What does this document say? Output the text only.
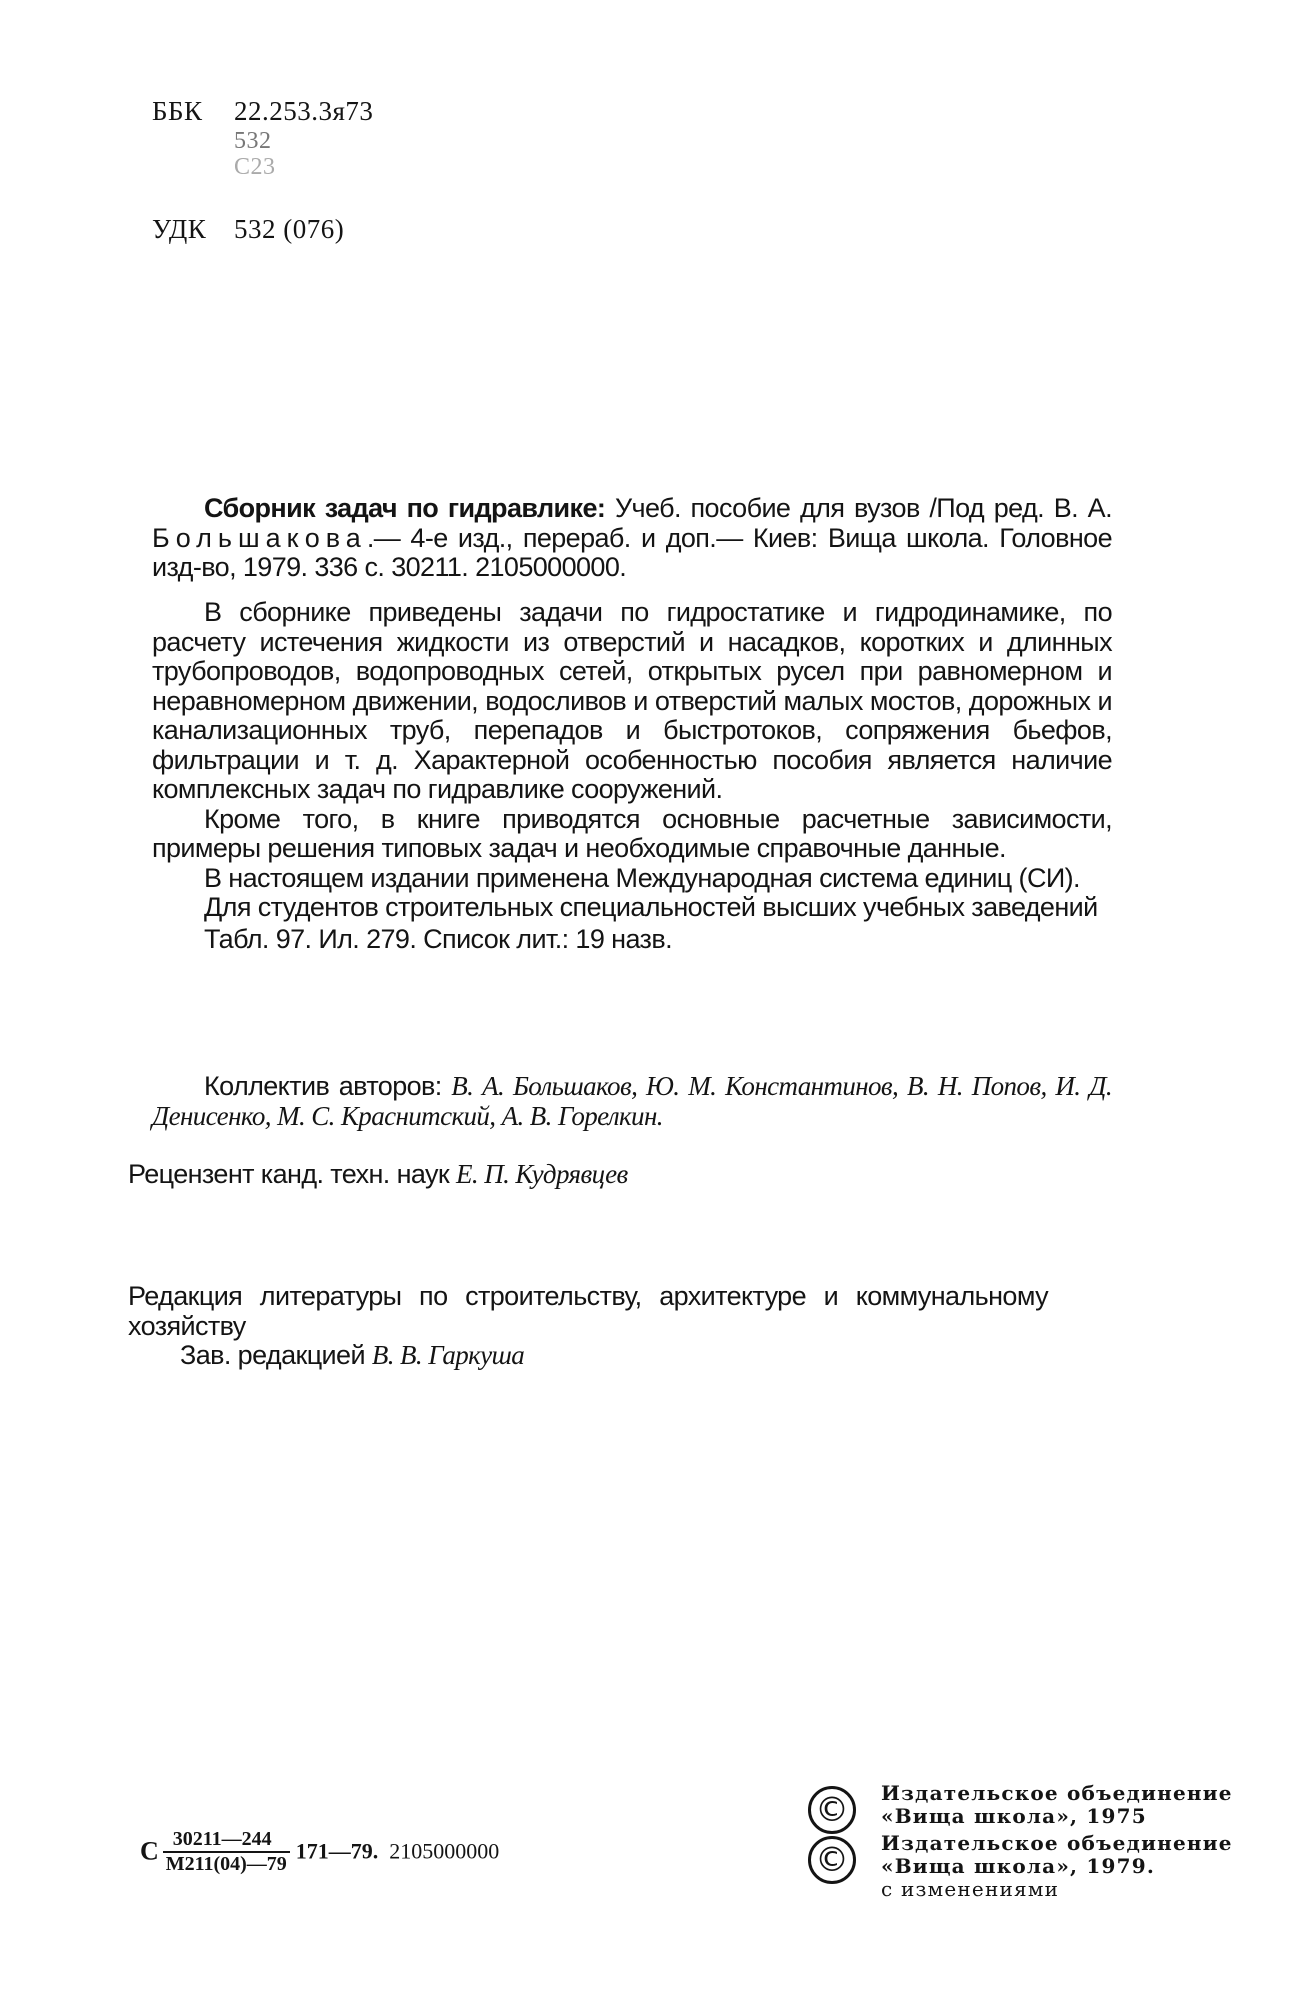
ББК 22.253.3я73
532
С23
УДК 532 (076)

Сборник задач по гидравлике: Учеб. пособие для вузов /Под ред. В. А. Большакова.— 4-е изд., перераб. и доп.— Киев: Вища школа. Головное изд-во, 1979. 336 с. 30211. 2105000000.

В сборнике приведены задачи по гидростатике и гидродинамике, по расчету истечения жидкости из отверстий и насадков, коротких и длинных трубопроводов, водопроводных сетей, открытых русел при равномерном и неравномерном движении, водосливов и отверстий малых мостов, дорожных и канализационных труб, перепадов и быстротоков, сопряжения бьефов, фильтрации и т. д. Характерной особенностью пособия является наличие комплексных задач по гидравлике сооружений.

Кроме того, в книге приводятся основные расчетные зависимости, примеры решения типовых задач и необходимые справочные данные.

В настоящем издании применена Международная система единиц (СИ).

Для студентов строительных специальностей высших учебных заведений

Табл. 97. Ил. 279. Список лит.: 19 назв.

Коллектив авторов: В. А. Большаков, Ю. М. Константинов, В. Н. Попов, И. Д. Денисенко, М. С. Краснитский, А. В. Горелкин.

Рецензент канд. техн. наук Е. П. Кудрявцев

Редакция литературы по строительству, архитектуре и коммунальному хозяйству

Зав. редакцией В. В. Гаркуша

С $\frac{30211—244}{М211(04)—79}$ 171—79. 2105000000
©	Издательское объединение
«Вища школа», 1975
©	Издательское объединение
«Вища школа», 1979.
с изменениями
